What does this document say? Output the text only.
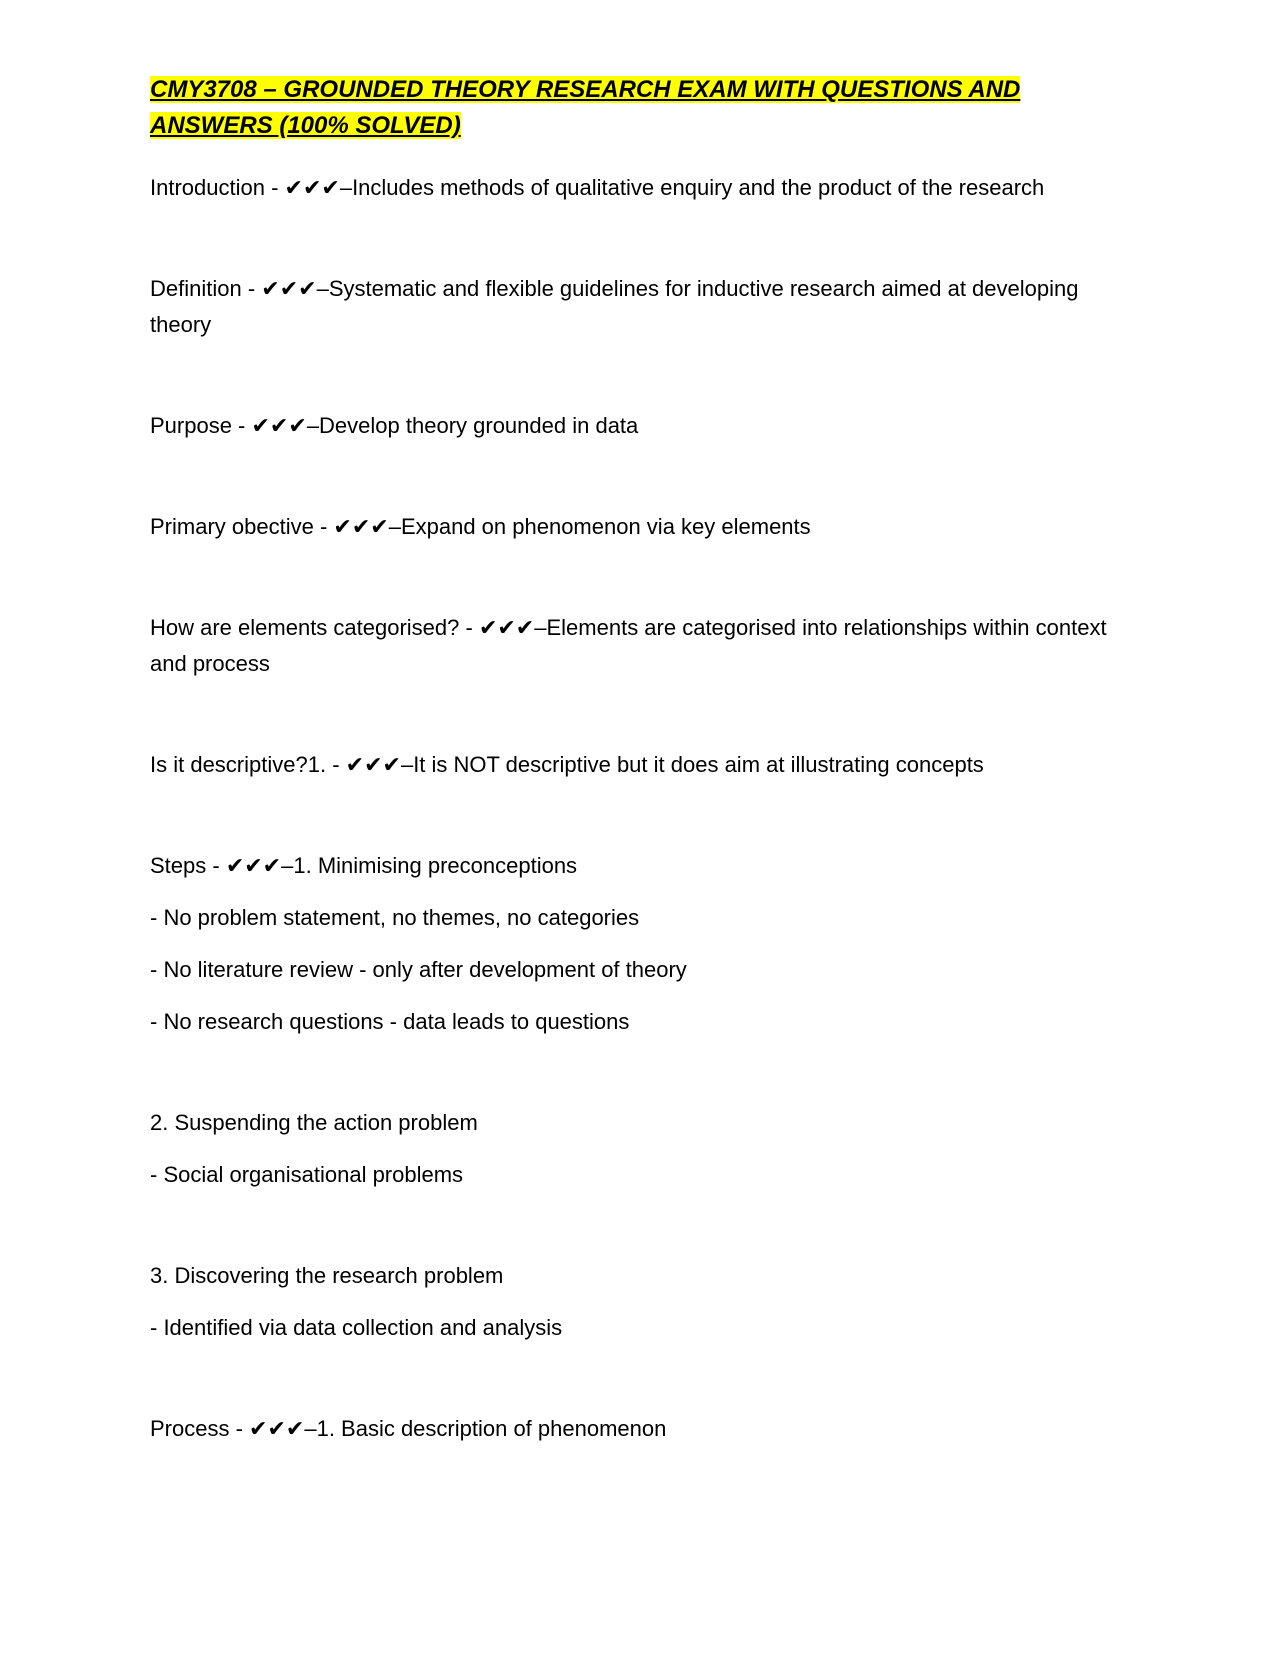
CMY3708 – GROUNDED THEORY RESEARCH EXAM WITH QUESTIONS AND
ANSWERS (100% SOLVED)
Introduction - ✔✔✔–Includes methods of qualitative enquiry and the product of the research
Definition - ✔✔✔–Systematic and flexible guidelines for inductive research aimed at developing theory
Purpose - ✔✔✔–Develop theory grounded in data
Primary obective - ✔✔✔–Expand on phenomenon via key elements
How are elements categorised? - ✔✔✔–Elements are categorised into relationships within context and process
Is it descriptive?1. - ✔✔✔–It is NOT descriptive but it does aim at illustrating concepts
Steps - ✔✔✔–1. Minimising preconceptions
- No problem statement, no themes, no categories
- No literature review - only after development of theory
- No research questions - data leads to questions
2. Suspending the action problem
- Social organisational problems
3. Discovering the research problem
- Identified via data collection and analysis
Process - ✔✔✔–1. Basic description of phenomenon
